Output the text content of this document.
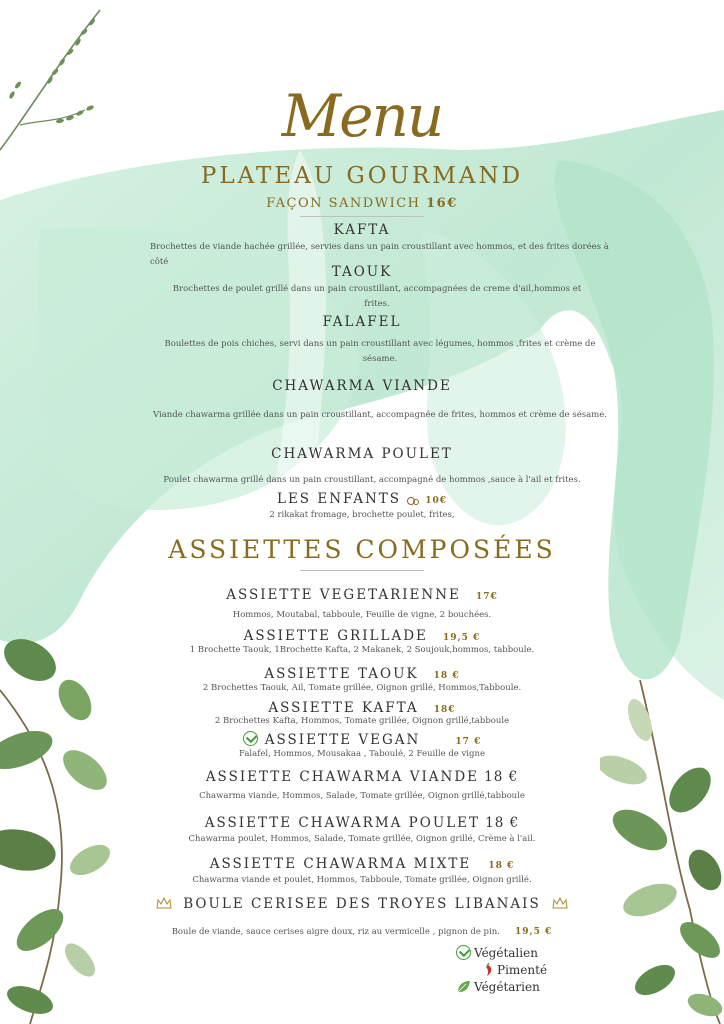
Menu
PLATEAU GOURMAND
FAÇON SANDWICH 16€
KAFTA
Brochettes de viande hachée grillée, servies dans un pain croustillant avec hommos, et des frites dorées à côté
TAOUK
Brochettes de poulet grillé dans un pain croustillant, accompagnées de creme d'ail,hommos et frites.
FALAFEL
Boulettes de pois chiches, servi dans un pain croustillant avec légumes, hommos ,frites et crème de sésame.
CHAWARMA VIANDE
Viande chawarma grillée dans un pain croustillant, accompagnée de frites, hommos et crème de sésame.
CHAWARMA POULET
Poulet chawarma grillé dans un pain croustillant, accompagné de hommos ,sauce à l'ail et frites.
LES ENFANTS	10€
2 rikakat fromage, brochette poulet, frites,
ASSIETTES COMPOSÉES
ASSIETTE VEGETARIENNE 17€
Hommos, Moutabal, tabboule, Feuille de vigne, 2 bouchées.
ASSIETTE GRILLADE 19,5 €
1 Brochette Taouk, 1Brochette Kafta, 2 Makanek, 2 Soujouk,hommos, tabboule.
ASSIETTE TAOUK 18 €
2 Brochettes Taouk, Ail, Tomate grillée, Oignon grillé, Hommos,Tabboule.
ASSIETTE KAFTA 18€
2 Brochettes Kafta, Hommos, Tomate grillée, Oignon grillé,tabboule
ASSIETTE VEGAN	17 €
Falafel, Hommos, Mousakaa , Taboulé, 2 Feuille de vigne
ASSIETTE CHAWARMA VIANDE 18 €
Chawarma viande, Hommos, Salade, Tomate grillée, Oignon grillé,tabboule
ASSIETTE CHAWARMA POULET 18 €
Chawarma poulet, Hommos, Salade, Tomate grillée, Oignon grillé, Crème à l'ail.
ASSIETTE CHAWARMA MIXTE 18 €
Chawarma viande et poulet, Hommos, Tabboule, Tomate grillée, Oignon grillé.
BOULE CERISEE DES TROYES LIBANAIS
Boule de viande, sauce cerises aigre doux, riz au vermicelle , pignon de pin. 19,5 €
Végétalien
Pimenté
Végétarien
